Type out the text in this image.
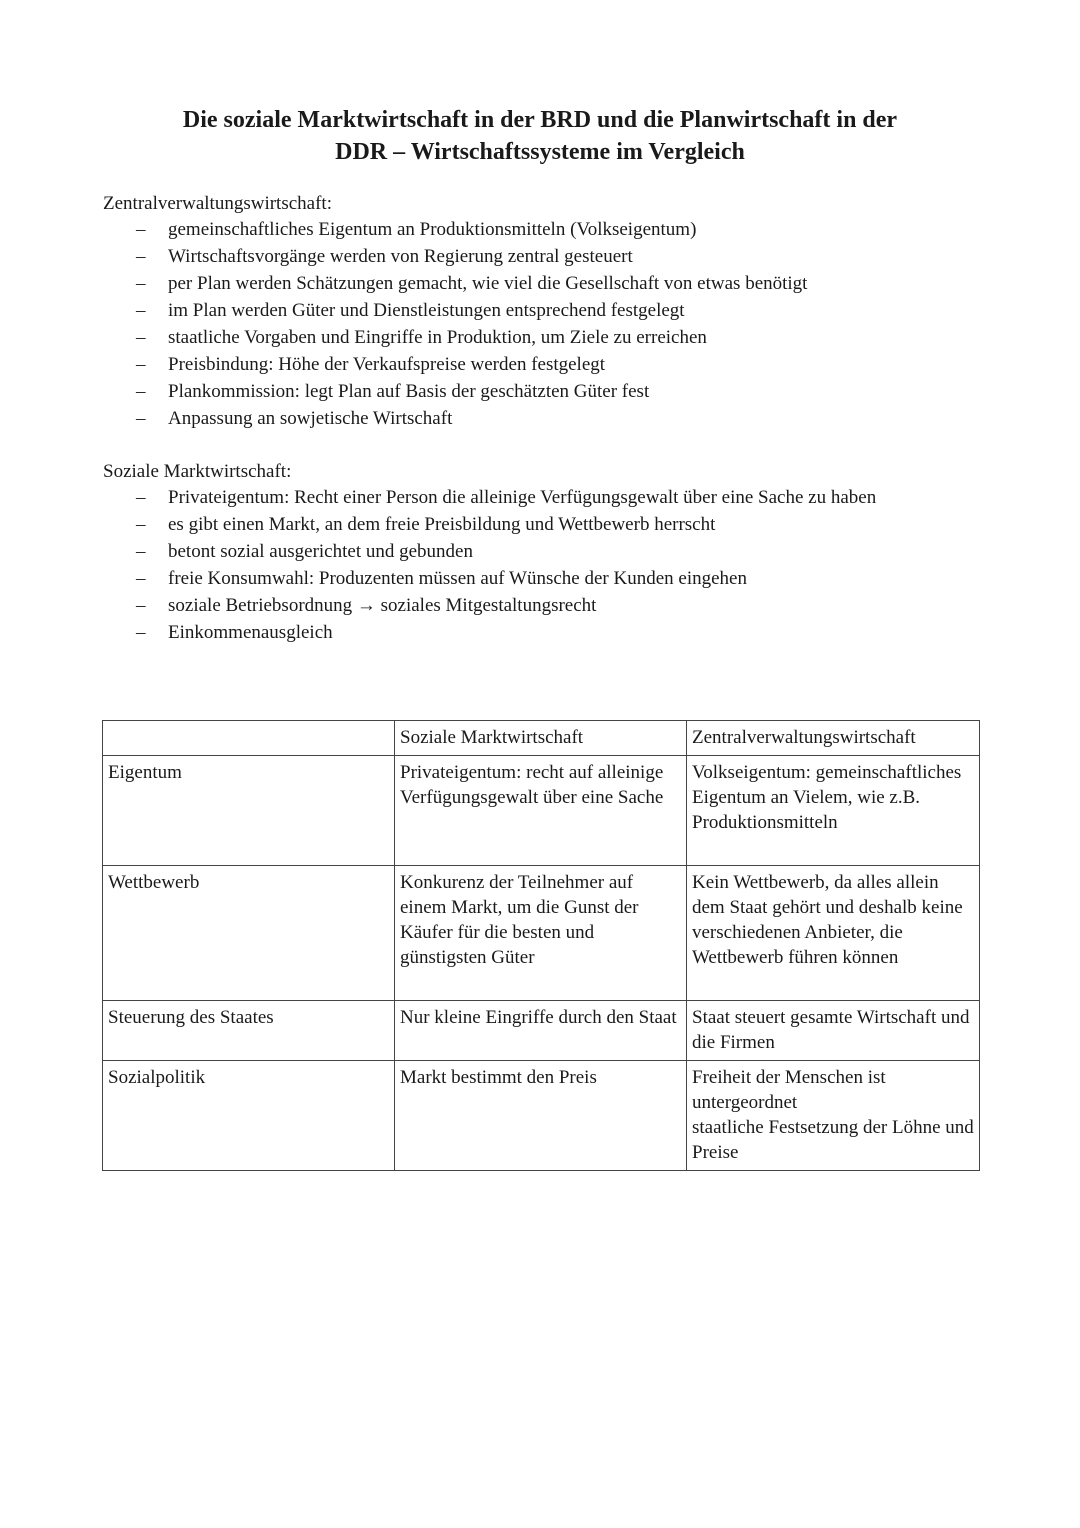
Die soziale Marktwirtschaft in der BRD und die Planwirtschaft in der
DDR – Wirtschaftssysteme im Vergleich

Zentralverwaltungswirtschaft:

– gemeinschaftliches Eigentum an Produktionsmitteln (Volkseigentum)
– Wirtschaftsvorgänge werden von Regierung zentral gesteuert
– per Plan werden Schätzungen gemacht, wie viel die Gesellschaft von etwas benötigt
– im Plan werden Güter und Dienstleistungen entsprechend festgelegt
– staatliche Vorgaben und Eingriffe in Produktion, um Ziele zu erreichen
– Preisbindung: Höhe der Verkaufspreise werden festgelegt
– Plankommission: legt Plan auf Basis der geschätzten Güter fest
– Anpassung an sowjetische Wirtschaft

Soziale Marktwirtschaft:

– Privateigentum: Recht einer Person die alleinige Verfügungsgewalt über eine Sache zu haben
– es gibt einen Markt, an dem freie Preisbildung und Wettbewerb herrscht
– betont sozial ausgerichtet und gebunden
– freie Konsumwahl: Produzenten müssen auf Wünsche der Kunden eingehen
– soziale Betriebsordnung → soziales Mitgestaltungsrecht
– Einkommenausgleich
	Soziale Marktwirtschaft	Zentralverwaltungswirtschaft
Eigentum	Privateigentum: recht auf alleinige Verfügungsgewalt über eine Sache	Volkseigentum: gemeinschaftliches Eigentum an Vielem, wie z.B. Produktionsmitteln

Wettbewerb	Konkurenz der Teilnehmer auf einem Markt, um die Gunst der Käufer für die besten und günstigsten Güter	Kein Wettbewerb, da alles allein dem Staat gehört und deshalb keine verschiedenen Anbieter, die Wettbewerb führen können

Steuerung des Staates	Nur kleine Eingriffe durch den Staat	Staat steuert gesamte Wirtschaft und die Firmen

Sozialpolitik	Markt bestimmt den Preis	Freiheit der Menschen ist untergeordnet
staatliche Festsetzung der Löhne und Preise
